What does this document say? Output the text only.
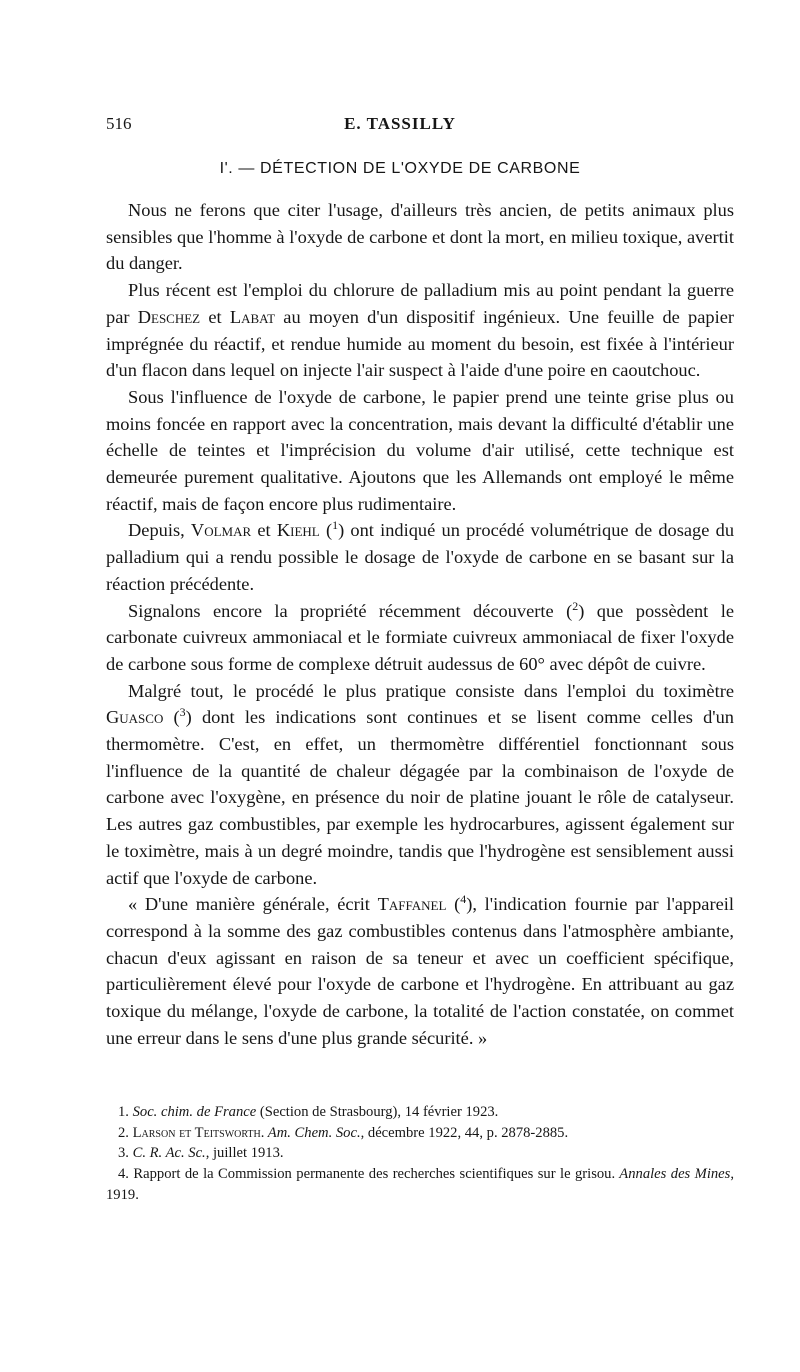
516	E. TASSILLY
I'. — DÉTECTION DE L'OXYDE DE CARBONE

Nous ne ferons que citer l'usage, d'ailleurs très ancien, de petits animaux plus sensibles que l'homme à l'oxyde de carbone et dont la mort, en milieu toxique, avertit du danger.

Plus récent est l'emploi du chlorure de palladium mis au point pendant la guerre par Deschez et Labat au moyen d'un dispositif ingénieux. Une feuille de papier imprégnée du réactif, et rendue humide au moment du besoin, est fixée à l'intérieur d'un flacon dans lequel on injecte l'air suspect à l'aide d'une poire en caoutchouc.

Sous l'influence de l'oxyde de carbone, le papier prend une teinte grise plus ou moins foncée en rapport avec la concentration, mais devant la difficulté d'établir une échelle de teintes et l'imprécision du volume d'air utilisé, cette technique est demeurée purement qualitative. Ajoutons que les Allemands ont employé le même réactif, mais de façon encore plus rudimentaire.

Depuis, Volmar et Kiehl ($^1$) ont indiqué un procédé volumétrique de dosage du palladium qui a rendu possible le dosage de l'oxyde de carbone en se basant sur la réaction précédente.

Signalons encore la propriété récemment découverte ($^2$) que possèdent le carbonate cuivreux ammoniacal et le formiate cuivreux ammoniacal de fixer l'oxyde de carbone sous forme de complexe détruit audessus de 60° avec dépôt de cuivre.

Malgré tout, le procédé le plus pratique consiste dans l'emploi du toximètre Guasco ($^3$) dont les indications sont continues et se lisent comme celles d'un thermomètre. C'est, en effet, un thermomètre différentiel fonctionnant sous l'influence de la quantité de chaleur dégagée par la combinaison de l'oxyde de carbone avec l'oxygène, en présence du noir de platine jouant le rôle de catalyseur. Les autres gaz combustibles, par exemple les hydrocarbures, agissent également sur le toximètre, mais à un degré moindre, tandis que l'hydrogène est sensiblement aussi actif que l'oxyde de carbone.

« D'une manière générale, écrit Taffanel ($^4$), l'indication fournie par l'appareil correspond à la somme des gaz combustibles contenus dans l'atmosphère ambiante, chacun d'eux agissant en raison de sa teneur et avec un coefficient spécifique, particulièrement élevé pour l'oxyde de carbone et l'hydrogène. En attribuant au gaz toxique du mélange, l'oxyde de carbone, la totalité de l'action constatée, on commet une erreur dans le sens d'une plus grande sécurité. »

1. Soc. chim. de France (Section de Strasbourg), 14 février 1923.

2. Larson et Teitsworth. Am. Chem. Soc., décembre 1922, 44, p. 2878-2885.

3. C. R. Ac. Sc., juillet 1913.

4. Rapport de la Commission permanente des recherches scientifiques sur le grisou. Annales des Mines, 1919.
